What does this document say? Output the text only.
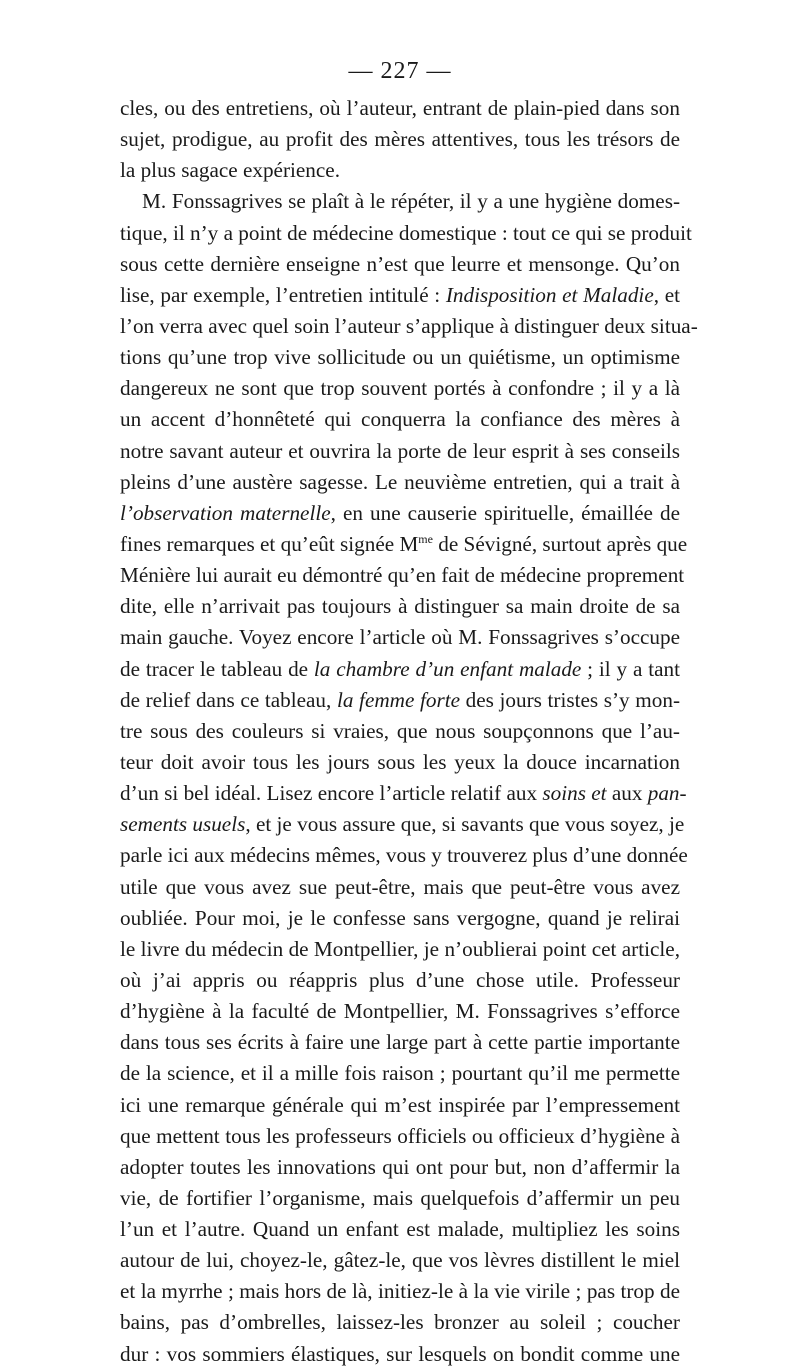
— 227 —
cles, ou des entretiens, où l’auteur, entrant de plain-pied dans son
sujet, prodigue, au profit des mères attentives, tous les trésors de
la plus sagace expérience.
M. Fonssagrives se plaît à le répéter, il y a une hygiène domes-
tique, il n’y a point de médecine domestique : tout ce qui se produit
sous cette dernière enseigne n’est que leurre et mensonge. Qu’on
lise, par exemple, l’entretien intitulé : Indisposition et Maladie, et
l’on verra avec quel soin l’auteur s’applique à distinguer deux situa-
tions qu’une trop vive sollicitude ou un quiétisme, un optimisme
dangereux ne sont que trop souvent portés à confondre ; il y a là
un accent d’honnêteté qui conquerra la confiance des mères à
notre savant auteur et ouvrira la porte de leur esprit à ses conseils
pleins d’une austère sagesse. Le neuvième entretien, qui a trait à
l’observation maternelle, en une causerie spirituelle, émaillée de
fines remarques et qu’eût signée $M^{me}$ de Sévigné, surtout après que
Ménière lui aurait eu démontré qu’en fait de médecine proprement
dite, elle n’arrivait pas toujours à distinguer sa main droite de sa
main gauche. Voyez encore l’article où M. Fonssagrives s’occupe
de tracer le tableau de la chambre d’un enfant malade ; il y a tant
de relief dans ce tableau, la femme forte des jours tristes s’y mon-
tre sous des couleurs si vraies, que nous soupçonnons que l’au-
teur doit avoir tous les jours sous les yeux la douce incarnation
d’un si bel idéal. Lisez encore l’article relatif aux soins et aux pan-
sements usuels, et je vous assure que, si savants que vous soyez, je
parle ici aux médecins mêmes, vous y trouverez plus d’une donnée
utile que vous avez sue peut-être, mais que peut-être vous avez
oubliée. Pour moi, je le confesse sans vergogne, quand je relirai
le livre du médecin de Montpellier, je n’oublierai point cet article,
où j’ai appris ou réappris plus d’une chose utile. Professeur
d’hygiène à la faculté de Montpellier, M. Fonssagrives s’efforce
dans tous ses écrits à faire une large part à cette partie importante
de la science, et il a mille fois raison ; pourtant qu’il me permette
ici une remarque générale qui m’est inspirée par l’empressement
que mettent tous les professeurs officiels ou officieux d’hygiène à
adopter toutes les innovations qui ont pour but, non d’affermir la
vie, de fortifier l’organisme, mais quelquefois d’affermir un peu
l’un et l’autre. Quand un enfant est malade, multipliez les soins
autour de lui, choyez-le, gâtez-le, que vos lèvres distillent le miel
et la myrrhe ; mais hors de là, initiez-le à la vie virile ; pas trop de
bains, pas d’ombrelles, laissez-les bronzer au soleil ; coucher
dur : vos sommiers élastiques, sur lesquels on bondit comme une
